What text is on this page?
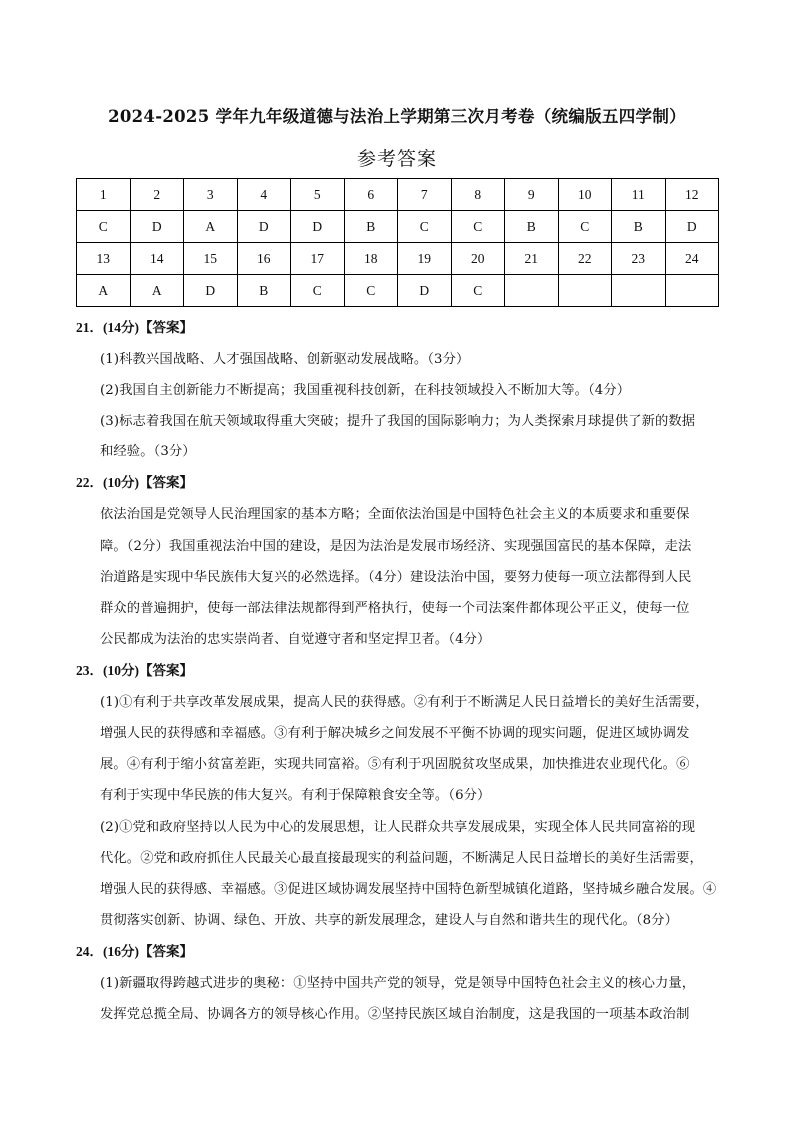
2024-2025 学年九年级道德与法治上学期第三次月考卷（统编版五四学制）
参考答案
1	2	3	4	5	6	7	8	9	10	11	12
C	D	A	D	D	B	C	C	B	C	B	D
13	14	15	16	17	18	19	20	21	22	23	24
A	A	D	B	C	C	D	C				
21．(14分)【答案】
(1)科教兴国战略、人才强国战略、创新驱动发展战略。（3分）
(2)我国自主创新能力不断提高；我国重视科技创新，在科技领域投入不断加大等。（4分）
(3)标志着我国在航天领域取得重大突破；提升了我国的国际影响力；为人类探索月球提供了新的数据
和经验。（3分）
22．(10分)【答案】
依法治国是党领导人民治理国家的基本方略；全面依法治国是中国特色社会主义的本质要求和重要保
障。（2分）我国重视法治中国的建设，是因为法治是发展市场经济、实现强国富民的基本保障，走法
治道路是实现中华民族伟大复兴的必然选择。（4分）建设法治中国，要努力使每一项立法都得到人民
群众的普遍拥护，使每一部法律法规都得到严格执行，使每一个司法案件都体现公平正义，使每一位
公民都成为法治的忠实崇尚者、自觉遵守者和坚定捍卫者。（4分）
23．(10分)【答案】
(1)①有利于共享改革发展成果，提高人民的获得感。②有利于不断满足人民日益增长的美好生活需要，
增强人民的获得感和幸福感。③有利于解决城乡之间发展不平衡不协调的现实问题，促进区域协调发
展。④有利于缩小贫富差距，实现共同富裕。⑤有利于巩固脱贫攻坚成果，加快推进农业现代化。⑥
有利于实现中华民族的伟大复兴。有利于保障粮食安全等。（6分）
(2)①党和政府坚持以人民为中心的发展思想，让人民群众共享发展成果，实现全体人民共同富裕的现
代化。②党和政府抓住人民最关心最直接最现实的利益问题，不断满足人民日益增长的美好生活需要，
增强人民的获得感、幸福感。③促进区域协调发展坚持中国特色新型城镇化道路，坚持城乡融合发展。④
贯彻落实创新、协调、绿色、开放、共享的新发展理念，建设人与自然和谐共生的现代化。（8分）
24．(16分)【答案】
(1)新疆取得跨越式进步的奥秘：①坚持中国共产党的领导，党是领导中国特色社会主义的核心力量，
发挥党总揽全局、协调各方的领导核心作用。②坚持民族区域自治制度，这是我国的一项基本政治制
